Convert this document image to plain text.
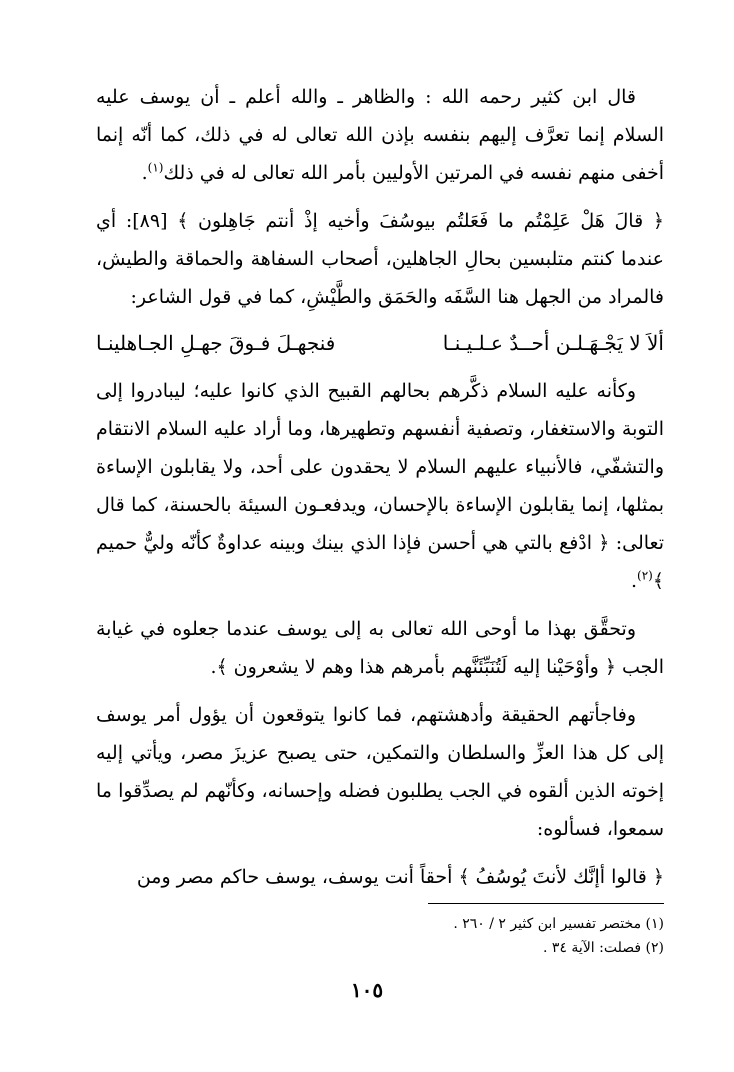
قال ابن كثير رحمه الله : والظاهر ـ والله أعلم ـ أن يوسف عليه السلام إنما تعرَّف إليهم بنفسه بإذن الله تعالى له في ذلك، كما أنّه إنما أخفى منهم نفسه في المرتين الأوليين بأمر الله تعالى له في ذلك$^{(١)}$.

﴿ قالَ هَلْ عَلِمْتُم ما فَعَلتُم بيوسُفَ وأخيه إذْ أنتم جَاهِلون ﴾ [٨٩]: أي عندما كنتم متلبسين بحالِ الجاهلين، أصحاب السفاهة والحماقة والطيش، فالمراد من الجهل هنا السَّفَه والحَمَق والطَّيْشِ، كما في قول الشاعر:

ألاَ لا يَجْـهَـلـن أحــدٌ عـلـيـنـا
فنجهـلَ فـوقَ جهـلِ الجـاهلينـا

وكأنه عليه السلام ذكَّرهم بحالهم القبيح الذي كانوا عليه؛ ليبادروا إلى التوبة والاستغفار، وتصفية أنفسهم وتطهيرها، وما أراد عليه السلام الانتقام والتشفّي، فالأنبياء عليهم السلام لا يحقدون على أحد، ولا يقابلون الإساءة بمثلها، إنما يقابلون الإساءة بالإحسان، ويدفعـون السيئة بالحسنة، كما قال تعالى: ﴿ ادْفع بالتي هي أحسن فإذا الذي بينك وبينه عداوةٌ كأنّه وليٌّ حميم ﴾$^{(٢)}$.

وتحقَّق بهذا ما أوحى الله تعالى به إلى يوسف عندما جعلوه في غيابة الجب ﴿ وأوْحَيْنا إليه لَتُنَبِّئَنَّهم بأمرهم هذا وهم لا يشعرون ﴾.

وفاجأتهم الحقيقة وأدهشتهم، فما كانوا يتوقعون أن يؤول أمر يوسف إلى كل هذا العزِّ والسلطان والتمكين، حتى يصبح عزيزَ مصر، ويأتي إليه إخوته الذين ألقوه في الجب يطلبون فضله وإحسانه، وكأنّهم لم يصدِّقوا ما سمعوا، فسألوه:

﴿ قالوا أإنَّك لأنتَ يُوسُفُ ﴾ أحقاً أنت يوسف، يوسف حاكم مصر ومن

(١) مختصر تفسير ابن كثير ٢ / ٢٦٠ .
(٢) فصلت: الآية ٣٤ .
١٠٥
